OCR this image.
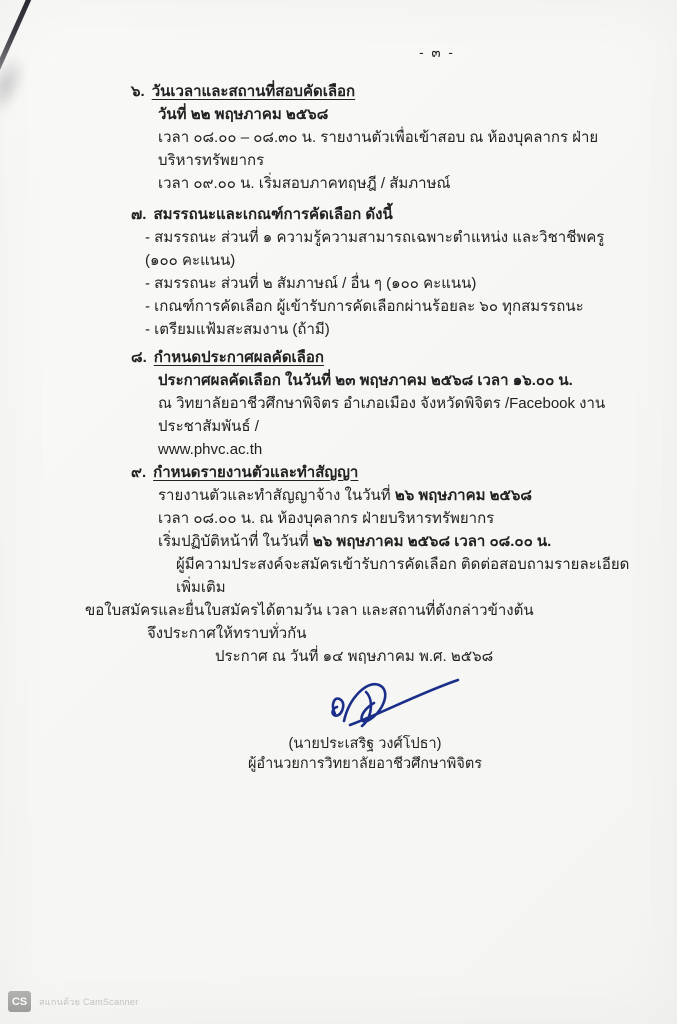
- ๓ -
๖. วันเวลาและสถานที่สอบคัดเลือก
วันที่ ๒๒ พฤษภาคม ๒๕๖๘
เวลา ๐๘.๐๐ – ๐๘.๓๐ น. รายงานตัวเพื่อเข้าสอบ ณ ห้องบุคลากร ฝ่ายบริหารทรัพยากร
เวลา ๐๙.๐๐ น. เริ่มสอบภาคทฤษฎี / สัมภาษณ์
๗. สมรรถนะและเกณฑ์การคัดเลือก ดังนี้
- สมรรถนะ ส่วนที่ ๑ ความรู้ความสามารถเฉพาะตำแหน่ง และวิชาชีพครู (๑๐๐ คะแนน)
- สมรรถนะ ส่วนที่ ๒ สัมภาษณ์ / อื่น ๆ (๑๐๐ คะแนน)
- เกณฑ์การคัดเลือก ผู้เข้ารับการคัดเลือกผ่านร้อยละ ๖๐ ทุกสมรรถนะ
- เตรียมแฟ้มสะสมงาน (ถ้ามี)
๘. กำหนดประกาศผลคัดเลือก
ประกาศผลคัดเลือก ในวันที่ ๒๓ พฤษภาคม ๒๕๖๘ เวลา ๑๖.๐๐ น.
ณ วิทยาลัยอาชีวศึกษาพิจิตร อำเภอเมือง จังหวัดพิจิตร /Facebook งานประชาสัมพันธ์ /
www.phvc.ac.th
๙. กำหนดรายงานตัวและทำสัญญา
รายงานตัวและทำสัญญาจ้าง ในวันที่ ๒๖ พฤษภาคม ๒๕๖๘
เวลา ๐๘.๐๐ น. ณ ห้องบุคลากร ฝ่ายบริหารทรัพยากร
เริ่มปฏิบัติหน้าที่ ในวันที่ ๒๖ พฤษภาคม ๒๕๖๘ เวลา ๐๘.๐๐ น.
ผู้มีความประสงค์จะสมัครเข้ารับการคัดเลือก ติดต่อสอบถามรายละเอียดเพิ่มเติม
ขอใบสมัครและยื่นใบสมัครได้ตามวัน เวลา และสถานที่ดังกล่าวข้างต้น
จึงประกาศให้ทราบทั่วกัน
ประกาศ ณ วันที่ ๑๔ พฤษภาคม พ.ศ. ๒๕๖๘
(นายประเสริฐ วงศ์โปธา)
ผู้อำนวยการวิทยาลัยอาชีวศึกษาพิจิตร
CS	สแกนด้วย CamScanner
